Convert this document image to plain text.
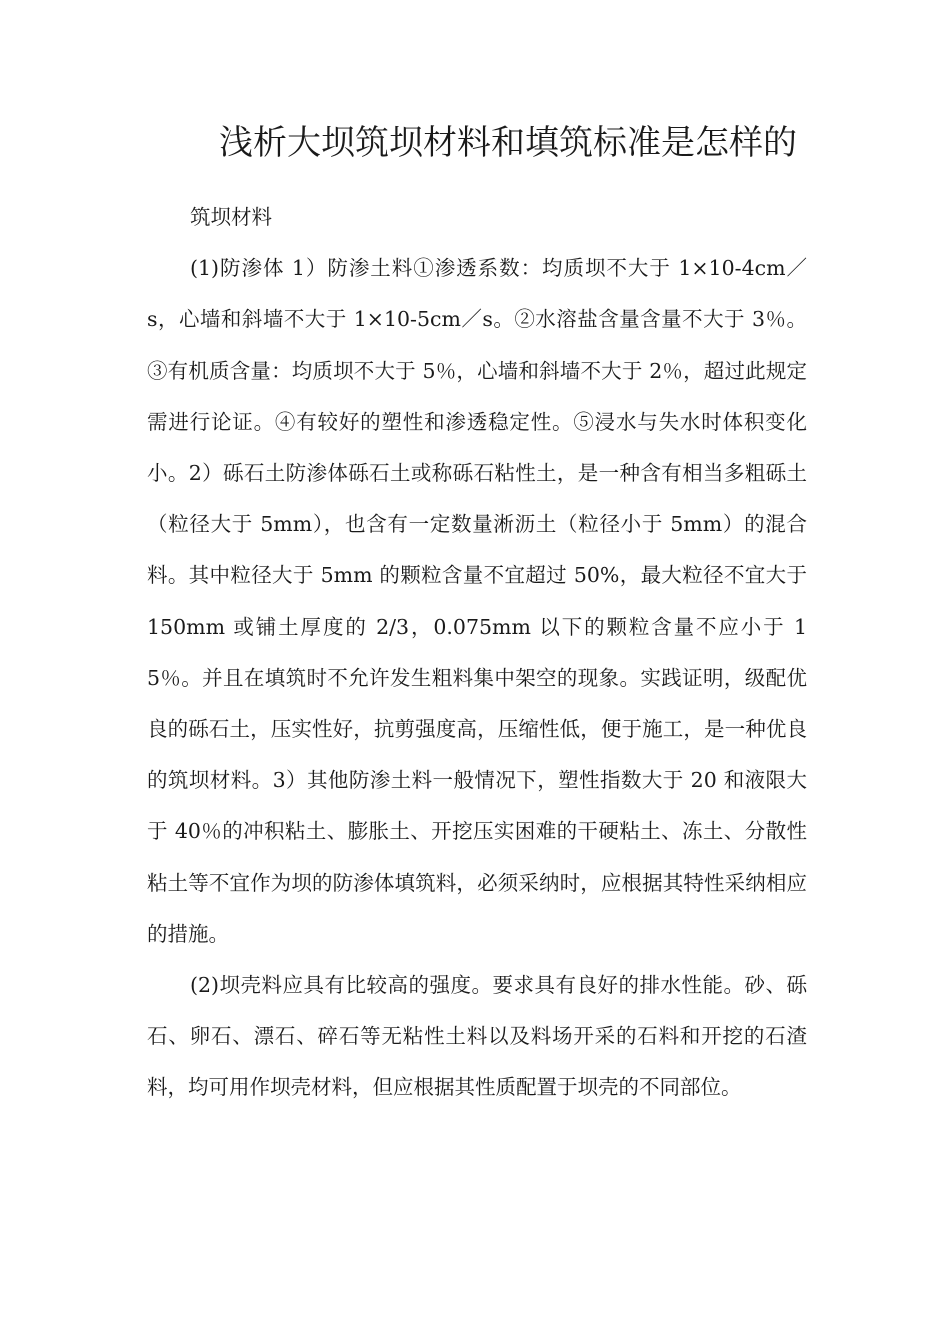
浅析大坝筑坝材料和填筑标准是怎样的

筑坝材料

(1)防渗体 1）防渗土料①渗透系数：均质坝不大于 1×10-4cm／s，心墙和斜墙不大于 1×10-5cm／s。②水溶盐含量含量不大于 3％。③有机质含量：均质坝不大于 5％，心墙和斜墙不大于 2％，超过此规定需进行论证。④有较好的塑性和渗透稳定性。⑤浸水与失水时体积变化小。2）砾石土防渗体砾石土或称砾石粘性土，是一种含有相当多粗砾土（粒径大于 5mm），也含有一定数量淅沥土（粒径小于 5mm）的混合料。其中粒径大于 5mm 的颗粒含量不宜超过 50%，最大粒径不宜大于 150mm 或铺土厚度的 2/3，0.075mm 以下的颗粒含量不应小于 15％。并且在填筑时不允许发生粗料集中架空的现象。实践证明，级配优良的砾石土，压实性好，抗剪强度高，压缩性低，便于施工，是一种优良的筑坝材料。3）其他防渗土料一般情况下，塑性指数大于 20 和液限大于 40％的冲积粘土、膨胀土、开挖压实困难的干硬粘土、冻土、分散性粘土等不宜作为坝的防渗体填筑料，必须采纳时，应根据其特性采纳相应的措施。

(2)坝壳料应具有比较高的强度。要求具有良好的排水性能。砂、砾石、卵石、漂石、碎石等无粘性土料以及料场开采的石料和开挖的石渣料，均可用作坝壳材料，但应根据其性质配置于坝壳的不同部位。
